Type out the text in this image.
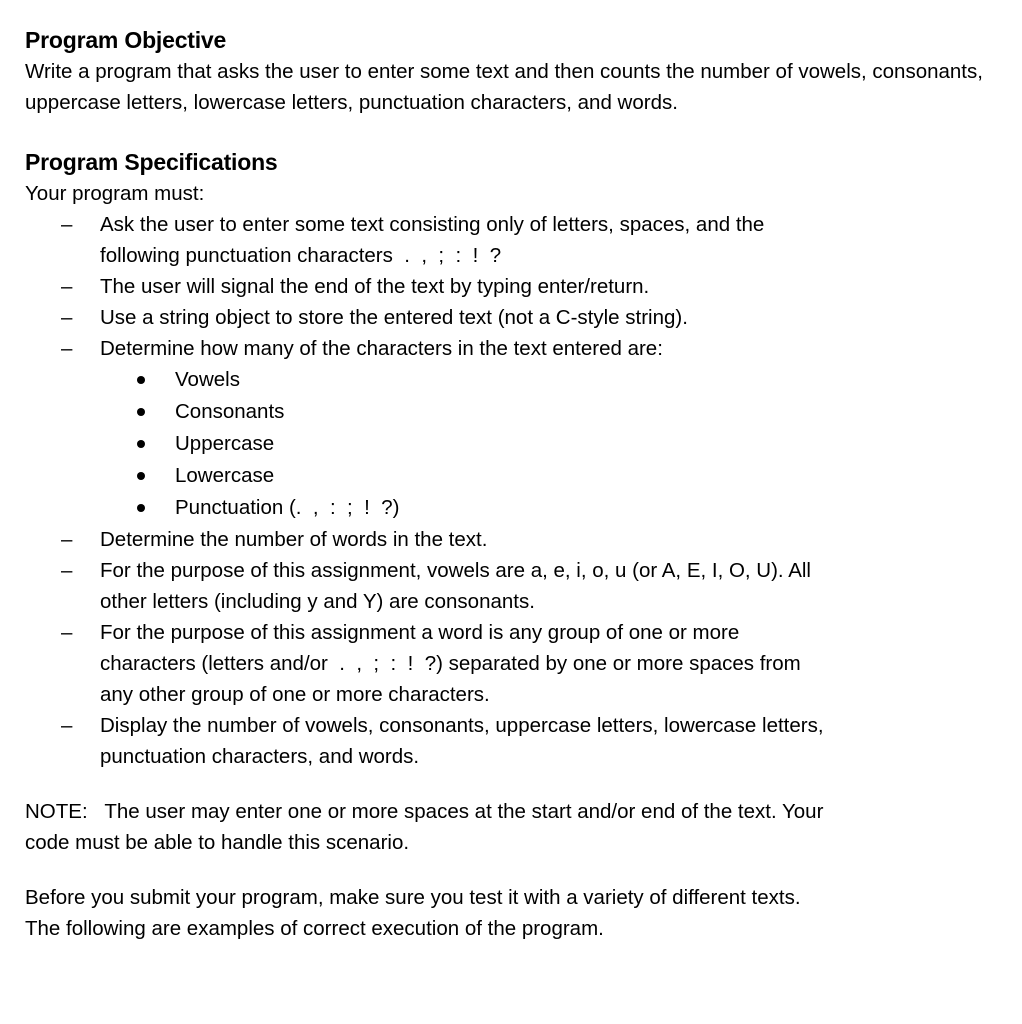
Program Objective

Write a program that asks the user to enter some text and then counts the number of vowels, consonants, uppercase letters, lowercase letters, punctuation characters, and words.

Program Specifications

Your program must:

– Ask the user to enter some text consisting only of letters, spaces, and the
following punctuation characters  .  ,  ;  :  !  ?
– The user will signal the end of the text by typing enter/return.
– Use a string object to store the entered text (not a C-style string).
– Determine how many of the characters in the text entered are:
Vowels
Consonants
Uppercase
Lowercase
Punctuation (.  ,  :  ;  !  ?)
– Determine the number of words in the text.
– For the purpose of this assignment, vowels are a, e, i, o, u (or A, E, I, O, U). All
other letters (including y and Y) are consonants.
– For the purpose of this assignment a word is any group of one or more
characters (letters and/or  .  ,  ;  :  !  ?) separated by one or more spaces from
any other group of one or more characters.
– Display the number of vowels, consonants, uppercase letters, lowercase letters,
punctuation characters, and words.

NOTE:   The user may enter one or more spaces at the start and/or end of the text. Your

code must be able to handle this scenario.

Before you submit your program, make sure you test it with a variety of different texts.

The following are examples of correct execution of the program.
